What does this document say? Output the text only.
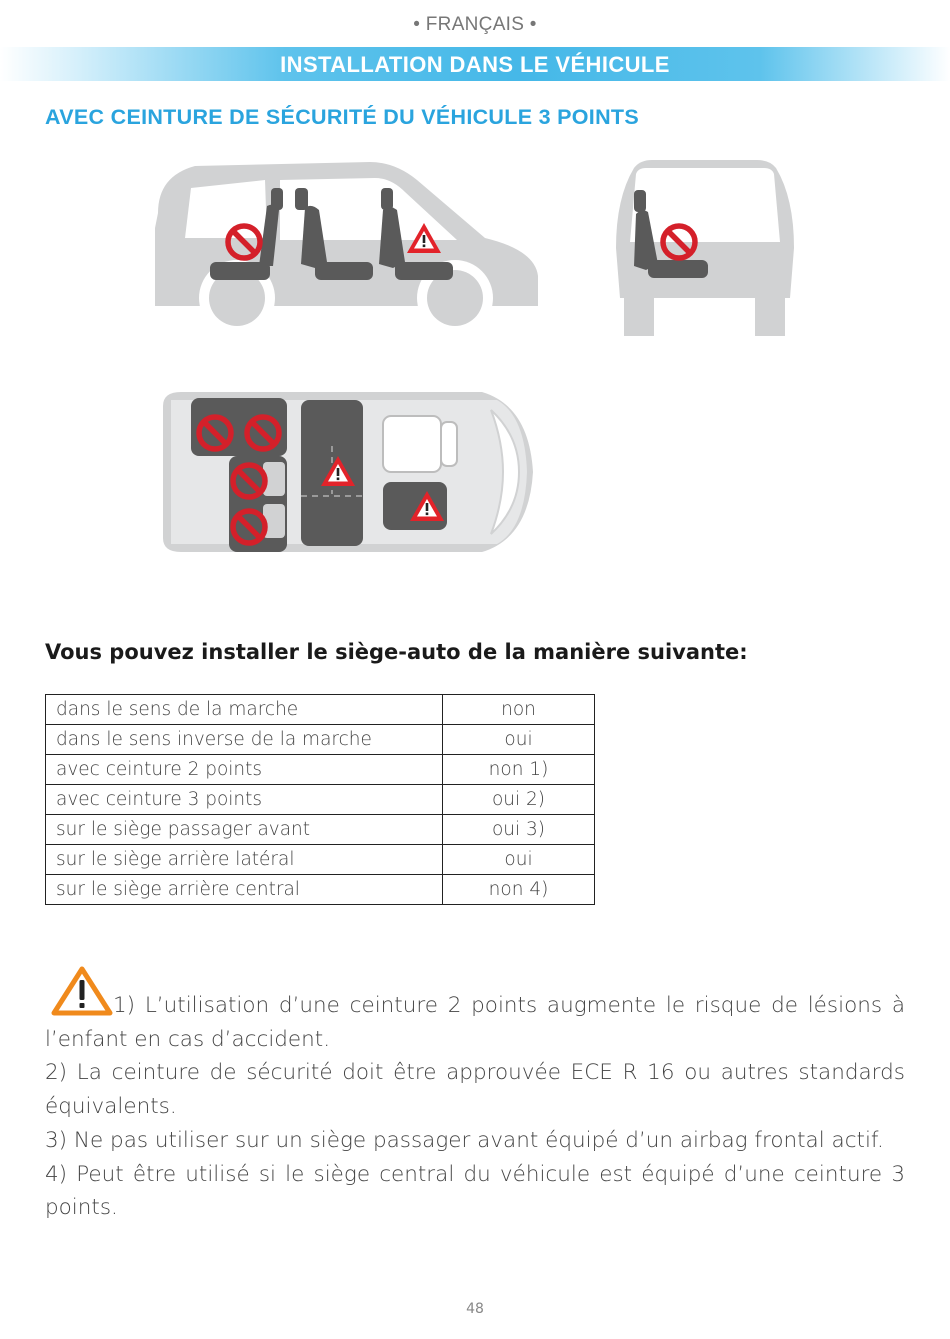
• FRANÇAIS •
INSTALLATION DANS LE VÉHICULE
AVEC CEINTURE DE SÉCURITÉ DU VÉHICULE 3 POINTS
Vous pouvez installer le siège-auto de la manière suivante:
dans le sens de la marche	non
dans le sens inverse de la marche	oui
avec ceinture 2 points	non 1)
avec ceinture 3 points	oui 2)
sur le siège passager avant	oui 3)
sur le siège arrière latéral	oui
sur le siège arrière central	non 4)

1) L’utilisation d’une ceinture 2 points augmente le risque de lésions à l’enfant en cas d’accident.

2) La ceinture de sécurité doit être approuvée ECE R 16 ou autres standards équivalents.

3) Ne pas utiliser sur un siège passager avant équipé d’un airbag frontal actif.

4) Peut être utilisé si le siège central du véhicule est équipé d’une ceinture 3 points.

48
